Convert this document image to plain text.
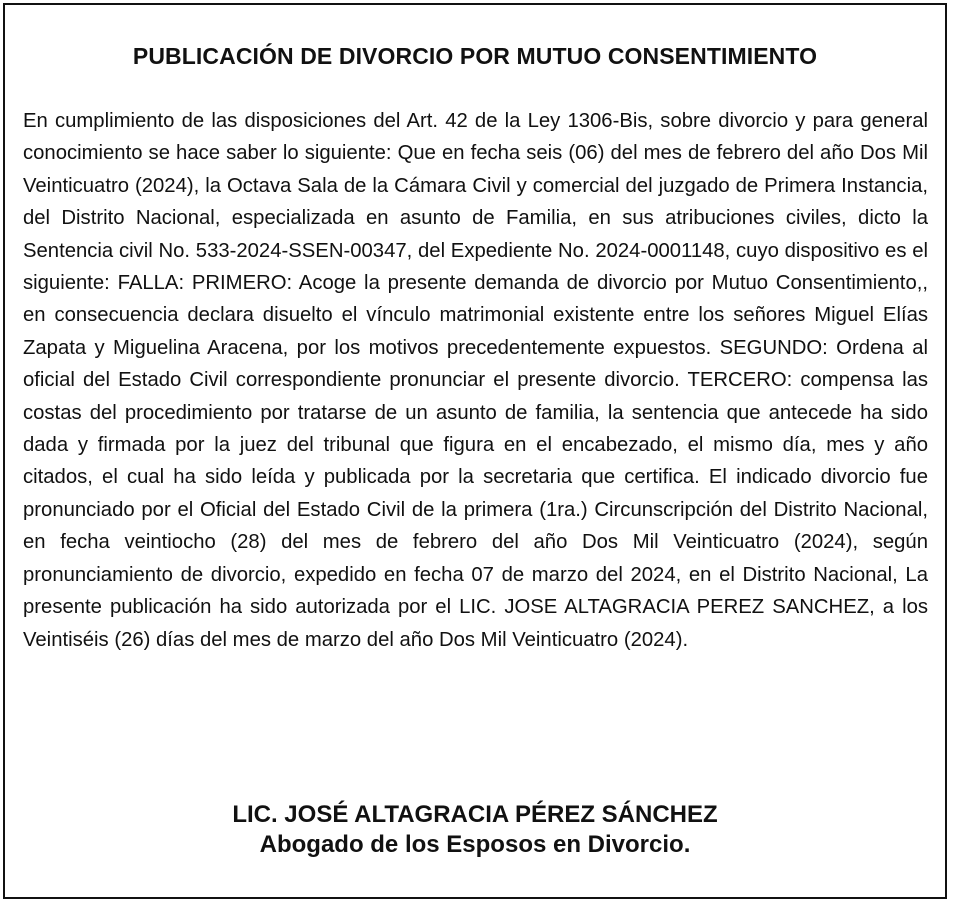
PUBLICACIÓN DE DIVORCIO POR MUTUO CONSENTIMIENTO
En cumplimiento de las disposiciones del Art. 42 de la Ley 1306-Bis, sobre divorcio y para general conocimiento se hace saber lo siguiente: Que en fecha seis (06) del mes de febrero del año Dos Mil Veinticuatro (2024), la Octava Sala de la Cámara Civil y comercial del juzgado de Primera Instancia, del Distrito Nacional, especializada en asunto de Familia, en sus atribuciones civiles, dicto la Sentencia civil No. 533-2024-SSEN-00347, del Expediente No. 2024-0001148, cuyo dispositivo es el siguiente: FALLA: PRIMERO: Acoge la presente demanda de divorcio por Mutuo Consentimiento,, en consecuencia declara disuelto el vínculo matrimonial existente entre los señores Miguel Elías Zapata y Miguelina Aracena, por los motivos precedentemente expuestos. SEGUNDO: Ordena al oficial del Estado Civil correspondiente pronunciar el presente divorcio. TERCERO: compensa las costas del procedimiento por tratarse de un asunto de familia, la sentencia que antecede ha sido dada y firmada por la juez del tribunal que figura en el encabezado, el mismo día, mes y año citados, el cual ha sido leída y publicada por la secretaria que certifica. El indicado divorcio fue pronunciado por el Oficial del Estado Civil de la primera (1ra.) Circunscripción del Distrito Nacional, en fecha veintiocho (28) del mes de febrero del año Dos Mil Veinticuatro (2024), según pronunciamiento de divorcio, expedido en fecha 07 de marzo del 2024, en el Distrito Nacional, La presente publicación ha sido autorizada por el LIC. JOSE ALTAGRACIA PEREZ SANCHEZ, a los Veintiséis (26) días del mes de marzo del año Dos Mil Veinticuatro (2024).
LIC. JOSÉ ALTAGRACIA PÉREZ SÁNCHEZ
Abogado de los Esposos en Divorcio.
